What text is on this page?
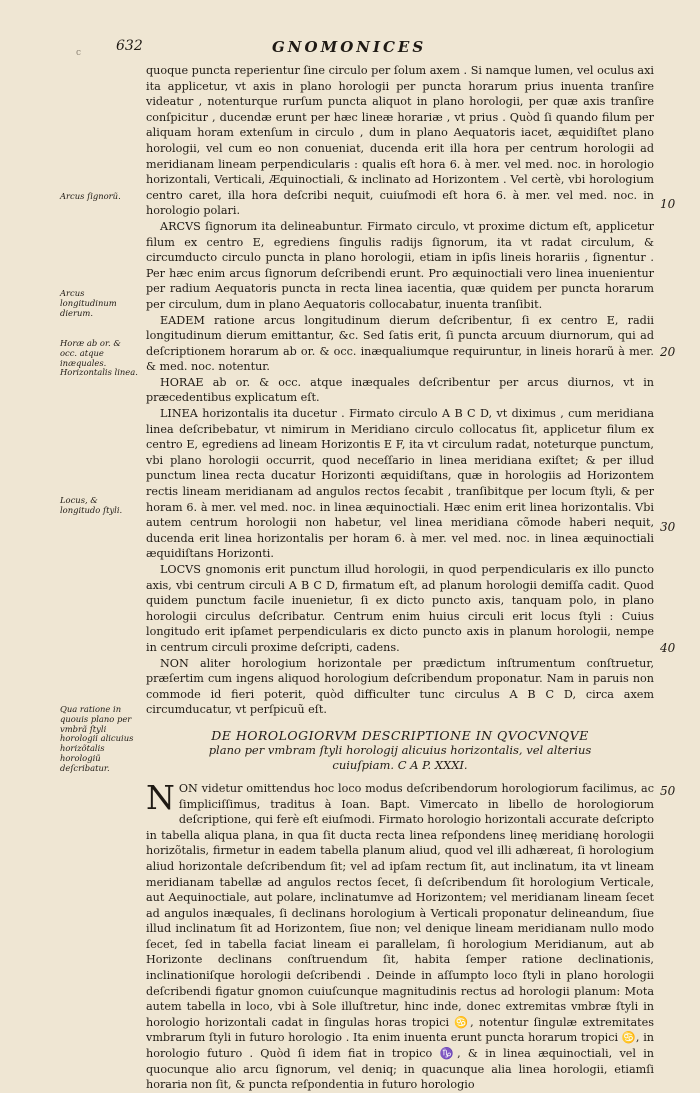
c 632	GNOMONICES
Arcus ſignorũ.
Arcus longitudinum dierum.
Horæ ab or. & occ. atque inæquales. Horizontalis linea.
Locus, & longitudo ſtyli.
Qua ratione in quouis plano per vmbrã ſtyli horologii alicuius horizõtalis horologiũ deſcribatur.
10
20
30
40
50
quoque puncta reperientur ſine circulo per ſolum axem . Si namque lumen, vel oculus axi ita applicetur, vt axis in plano horologii per puncta horarum prius inuenta tranſire videatur , notenturque rurſum puncta aliquot in plano horologii, per quæ axis tranſire conſpicitur , ducendæ erunt per hæc lineæ horariæ , vt prius . Quòd ſi quando filum per aliquam horam extenſum in circulo , dum in plano Aequatoris iacet, æquidiſtet plano horologii, vel cum eo non conueniat, ducenda erit illa hora per centrum horologii ad meridianam lineam perpendicularis : qualis eſt hora 6. à mer. vel med. noc. in horologio horizontali, Verticali, Æquinoctiali, & inclinato ad Horizontem . Vel certè, vbi horologium centro caret, illa hora deſcribi nequit, cuiuſmodi eſt hora 6. à mer. vel med. noc. in horologio polari.
ARCVS ſignorum ita delineabuntur. Firmato circulo, vt proxime dictum eſt, applicetur filum ex centro E, egrediens ſingulis radijs ſignorum, ita vt radat circulum, & circumducto circulo puncta in plano horologii, etiam in ipſis lineis horariis , ſignentur . Per hæc enim arcus ſignorum deſcribendi erunt. Pro æquinoctiali vero linea inuenientur per radium Aequatoris puncta in recta linea iacentia, quæ quidem per puncta horarum per circulum, dum in plano Aequatoris collocabatur, inuenta tranſibit.
EADEM ratione arcus longitudinum dierum deſcribentur, ſi ex centro E, radii longitudinum dierum emittantur, &c. Sed ſatis erit, ſi puncta arcuum diurnorum, qui ad deſcriptionem horarum ab or. & occ. inæqualiumque requiruntur, in lineis horarũ à mer. & med. noc. notentur.
HORAE ab or. & occ. atque inæquales deſcribentur per arcus diurnos, vt in præcedentibus explicatum eſt.
LINEA horizontalis ita ducetur . Firmato circulo A B C D, vt diximus , cum meridiana linea deſcribebatur, vt nimirum in Meridiano circulo collocatus ſit, applicetur filum ex centro E, egrediens ad lineam Horizontis E F, ita vt circulum radat, noteturque punctum, vbi plano horologii occurrit, quod neceſſario in linea meridiana exiſtet; & per illud punctum linea recta ducatur Horizonti æquidiſtans, quæ in horologiis ad Horizontem rectis lineam meridianam ad angulos rectos ſecabit , tranſibitque per locum ſtyli, & per horam 6. à mer. vel med. noc. in linea æquinoctiali. Hæc enim erit linea horizontalis. Vbi autem centrum horologii non habetur, vel linea meridiana cõmode haberi nequit, ducenda erit linea horizontalis per horam 6. à mer. vel med. noc. in linea æquinoctiali æquidiſtans Horizonti.
LOCVS gnomonis erit punctum illud horologii, in quod perpendicularis ex illo puncto axis, vbi centrum circuli A B C D, firmatum eſt, ad planum horologii demiſſa cadit. Quod quidem punctum facile inuenietur, ſi ex dicto puncto axis, tanquam polo, in plano horologii circulus deſcribatur. Centrum enim huius circuli erit locus ſtyli : Cuius longitudo erit ipſamet perpendicularis ex dicto puncto axis in planum horologii, nempe in centrum circuli proxime deſcripti, cadens.
NON aliter horologium horizontale per prædictum inſtrumentum conſtruetur, præſertim cum ingens aliquod horologium deſcribendum proponatur. Nam in paruis non commode id fieri poterit, quòd difficulter tunc circulus A B C D, circa axem circumducatur, vt perſpicuũ eſt.
DE HOROLOGIORVM DESCRIPTIONE IN QVOCVNQVE
plano per vmbram ſtyli horologij alicuius horizontalis, vel alterius
cuiuſpiam. C A P. XXXI.
N ON videtur omittendus hoc loco modus deſcribendorum horologiorum facilimus, ac ſimpliciſſimus, traditus à Ioan. Bapt. Vimercato in libello de horologiorum deſcriptione, qui ferè eſt eiuſmodi. Firmato horologio horizontali accurate deſcripto in tabella aliqua plana, in qua ſit ducta recta linea reſpondens lineę meridianę horologii horizõtalis, firmetur in eadem tabella planum aliud, quod vel illi adhæreat, ſi horologium aliud horizontale deſcribendum ſit; vel ad ipſam rectum ſit, aut inclinatum, ita vt lineam meridianam tabellæ ad angulos rectos ſecet, ſi deſcribendum ſit horologium Verticale, aut Aequinoctiale, aut polare, inclinatumve ad Horizontem; vel meridianam lineam ſecet ad angulos inæquales, ſi declinans horologium à Verticali proponatur delineandum, ſiue illud inclinatum ſit ad Horizontem, ſiue non; vel denique lineam meridianam nullo modo ſecet, ſed in tabella faciat lineam ei parallelam, ſi horologium Meridianum, aut ab Horizonte declinans conſtruendum ſit, habita ſemper ratione declinationis, inclinationiſque horologii deſcribendi . Deinde in aſſumpto loco ſtyli in plano horologii deſcribendi figatur gnomon cuiuſcunque magnitudinis rectus ad horologii planum: Mota autem tabella in loco, vbi à Sole illuſtretur, hinc inde, donec extremitas vmbræ ſtyli in horologio horizontali cadat in ſingulas horas tropici ♋, notentur ſingulæ extremitates vmbrarum ſtyli in futuro horologio . Ita enim inuenta erunt puncta horarum tropici ♋, in horologio futuro . Quòd ſi idem fiat in tropico ♑, & in linea æquinoctiali, vel in quocunque alio arcu ſignorum, vel deniq; in quacunque alia linea horologii, etiamſi horaria non ſit, & puncta reſpondentia in futuro horologio
